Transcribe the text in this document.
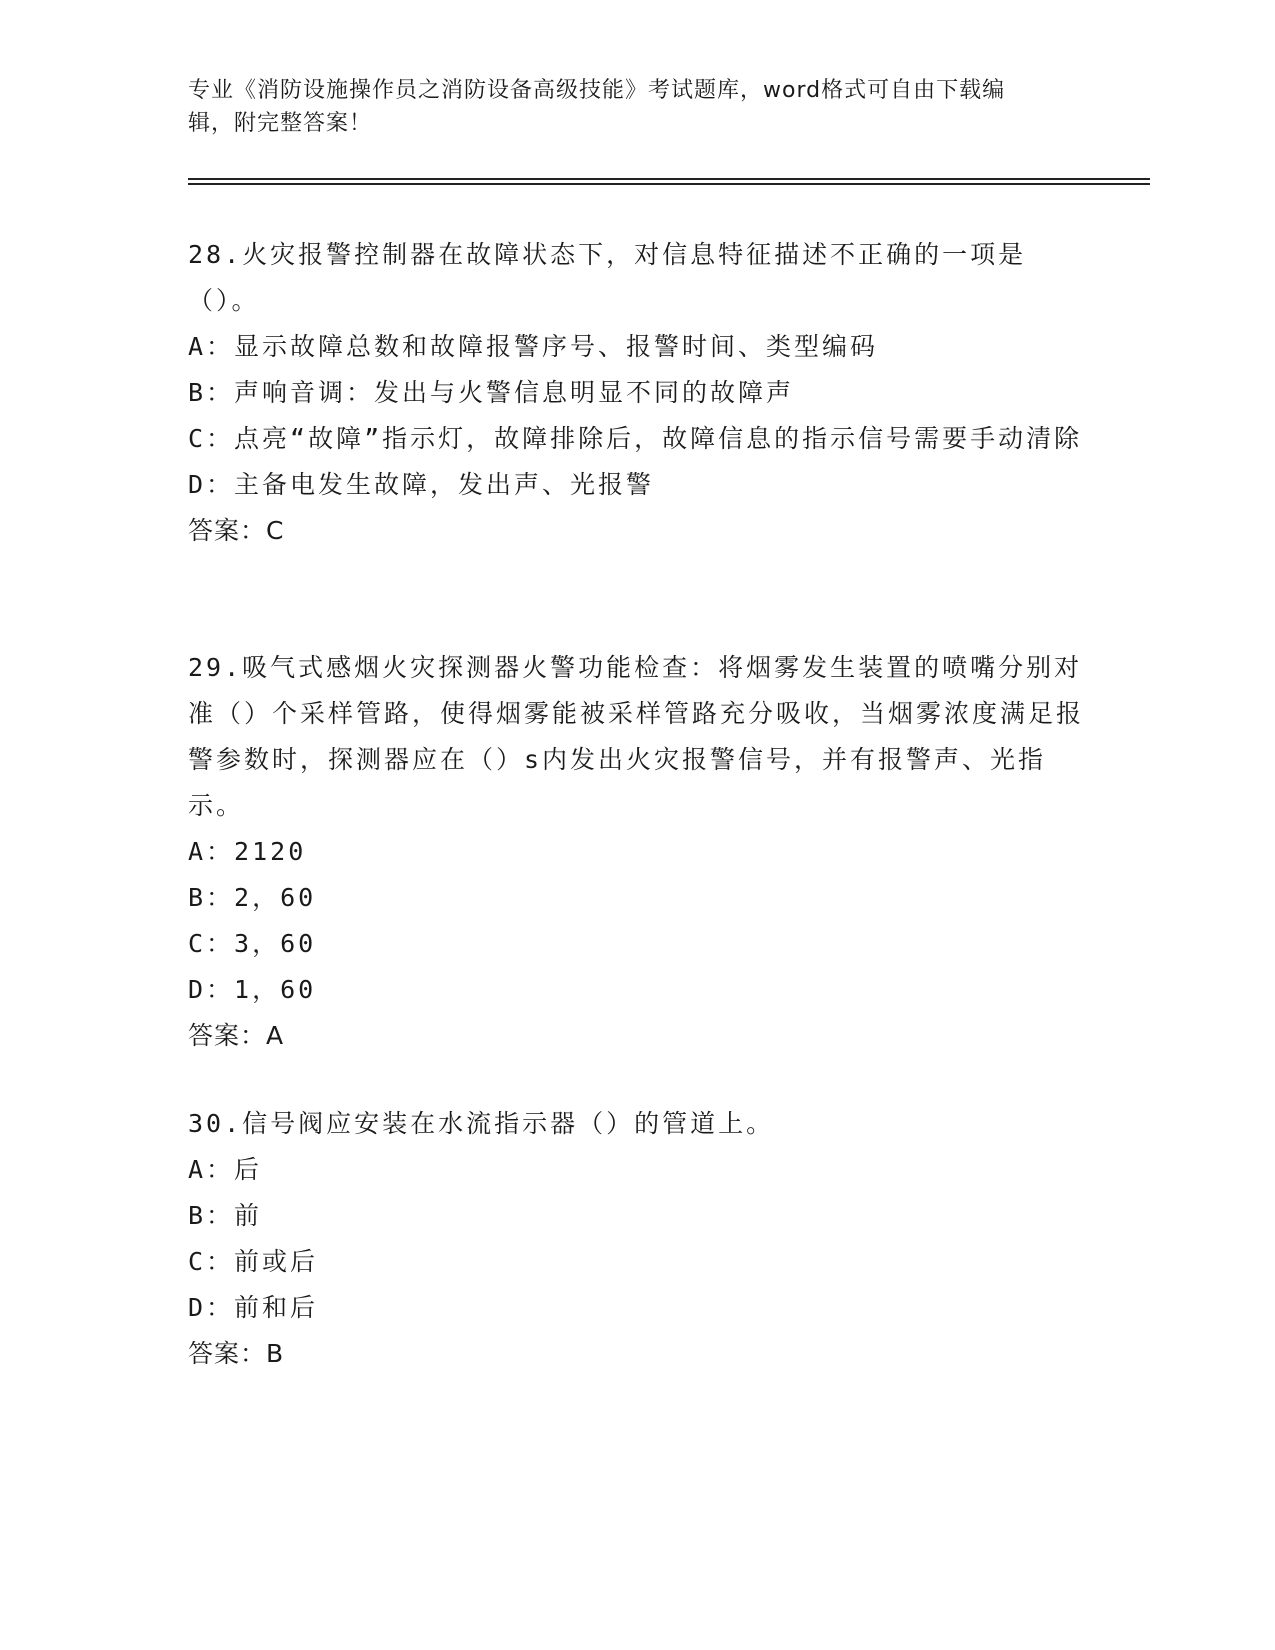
专业《消防设施操作员之消防设备高级技能》考试题库，word格式可自由下载编
辑，附完整答案！
28.火灾报警控制器在故障状态下，对信息特征描述不正确的一项是（）。
A：显示故障总数和故障报警序号、报警时间、类型编码
B：声响音调：发出与火警信息明显不同的故障声
C：点亮“故障”指示灯，故障排除后，故障信息的指示信号需要手动清除
D：主备电发生故障，发出声、光报警
答案：C
29.吸气式感烟火灾探测器火警功能检查：将烟雾发生装置的喷嘴分别对准（）个采样管路，使得烟雾能被采样管路充分吸收，当烟雾浓度满足报警参数时，探测器应在（）s内发出火灾报警信号，并有报警声、光指示。
A：2120
B：2，60
C：3，60
D：1，60
答案：A
30.信号阀应安装在水流指示器（）的管道上。
A：后
B：前
C：前或后
D：前和后
答案：B
